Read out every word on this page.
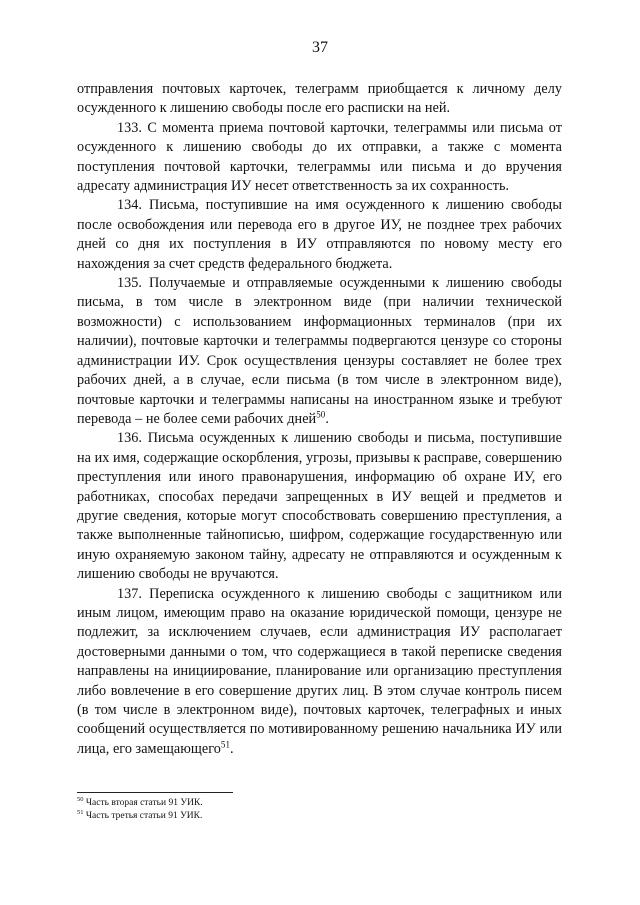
37

отправления почтовых карточек, телеграмм приобщается к личному делу осужденного к лишению свободы после его расписки на ней.

133. С момента приема почтовой карточки, телеграммы или письма от осужденного к лишению свободы до их отправки, а также с момента поступления почтовой карточки, телеграммы или письма и до вручения адресату администрация ИУ несет ответственность за их сохранность.

134. Письма, поступившие на имя осужденного к лишению свободы после освобождения или перевода его в другое ИУ, не позднее трех рабочих дней со дня их поступления в ИУ отправляются по новому месту его нахождения за счет средств федерального бюджета.

135. Получаемые и отправляемые осужденными к лишению свободы письма, в том числе в электронном виде (при наличии технической возможности) с использованием информационных терминалов (при их наличии), почтовые карточки и телеграммы подвергаются цензуре со стороны администрации ИУ. Срок осуществления цензуры составляет не более трех рабочих дней, а в случае, если письма (в том числе в электронном виде), почтовые карточки и телеграммы написаны на иностранном языке и требуют перевода – не более семи рабочих дней$^{50}$.

136. Письма осужденных к лишению свободы и письма, поступившие на их имя, содержащие оскорбления, угрозы, призывы к расправе, совершению преступления или иного правонарушения, информацию об охране ИУ, его работниках, способах передачи запрещенных в ИУ вещей и предметов и другие сведения, которые могут способствовать совершению преступления, а также выполненные тайнописью, шифром, содержащие государственную или иную охраняемую законом тайну, адресату не отправляются и осужденным к лишению свободы не вручаются.

137. Переписка осужденного к лишению свободы с защитником или иным лицом, имеющим право на оказание юридической помощи, цензуре не подлежит, за исключением случаев, если администрация ИУ располагает достоверными данными о том, что содержащиеся в такой переписке сведения направлены на инициирование, планирование или организацию преступления либо вовлечение в его совершение других лиц. В этом случае контроль писем (в том числе в электронном виде), почтовых карточек, телеграфных и иных сообщений осуществляется по мотивированному решению начальника ИУ или лица, его замещающего$^{51}$.

$^{50}$ Часть вторая статьи 91 УИК.
$^{51}$ Часть третья статьи 91 УИК.
